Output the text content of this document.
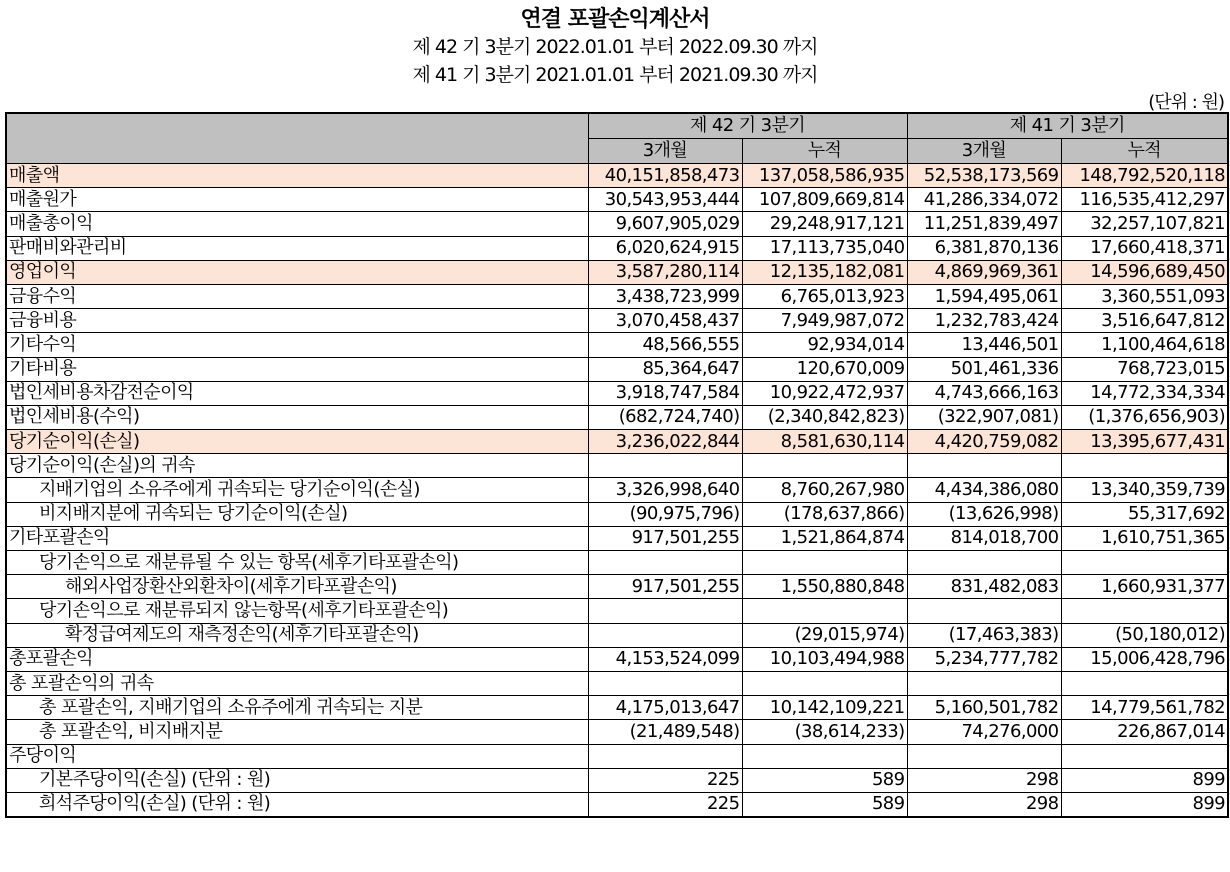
연결 포괄손익계산서
제 42 기 3분기 2022.01.01 부터 2022.09.30 까지
제 41 기 3분기 2021.01.01 부터 2021.09.30 까지
(단위 : 원)
	제 42 기 3분기		제 41 기 3분기	
	3개월	누적	3개월	누적
매출액	40,151,858,473	137,058,586,935	52,538,173,569	148,792,520,118
매출원가	30,543,953,444	107,809,669,814	41,286,334,072	116,535,412,297
매출총이익	9,607,905,029	29,248,917,121	11,251,839,497	32,257,107,821
판매비와관리비	6,020,624,915	17,113,735,040	6,381,870,136	17,660,418,371
영업이익	3,587,280,114	12,135,182,081	4,869,969,361	14,596,689,450
금융수익	3,438,723,999	6,765,013,923	1,594,495,061	3,360,551,093
금융비용	3,070,458,437	7,949,987,072	1,232,783,424	3,516,647,812
기타수익	48,566,555	92,934,014	13,446,501	1,100,464,618
기타비용	85,364,647	120,670,009	501,461,336	768,723,015
법인세비용차감전순이익	3,918,747,584	10,922,472,937	4,743,666,163	14,772,334,334
법인세비용(수익)	(682,724,740)	(2,340,842,823)	(322,907,081)	(1,376,656,903)
당기순이익(손실)	3,236,022,844	8,581,630,114	4,420,759,082	13,395,677,431
당기순이익(손실)의 귀속				
지배기업의 소유주에게 귀속되는 당기순이익(손실)	3,326,998,640	8,760,267,980	4,434,386,080	13,340,359,739
비지배지분에 귀속되는 당기순이익(손실)	(90,975,796)	(178,637,866)	(13,626,998)	55,317,692
기타포괄손익	917,501,255	1,521,864,874	814,018,700	1,610,751,365
당기손익으로 재분류될 수 있는 항목(세후기타포괄손익)				
해외사업장환산외환차이(세후기타포괄손익)	917,501,255	1,550,880,848	831,482,083	1,660,931,377
당기손익으로 재분류되지 않는항목(세후기타포괄손익)				
확정급여제도의 재측정손익(세후기타포괄손익)		(29,015,974)	(17,463,383)	(50,180,012)
총포괄손익	4,153,524,099	10,103,494,988	5,234,777,782	15,006,428,796
총 포괄손익의 귀속				
총 포괄손익, 지배기업의 소유주에게 귀속되는 지분	4,175,013,647	10,142,109,221	5,160,501,782	14,779,561,782
총 포괄손익, 비지배지분	(21,489,548)	(38,614,233)	74,276,000	226,867,014
주당이익				
기본주당이익(손실) (단위 : 원)	225	589	298	899
희석주당이익(손실) (단위 : 원)	225	589	298	899
